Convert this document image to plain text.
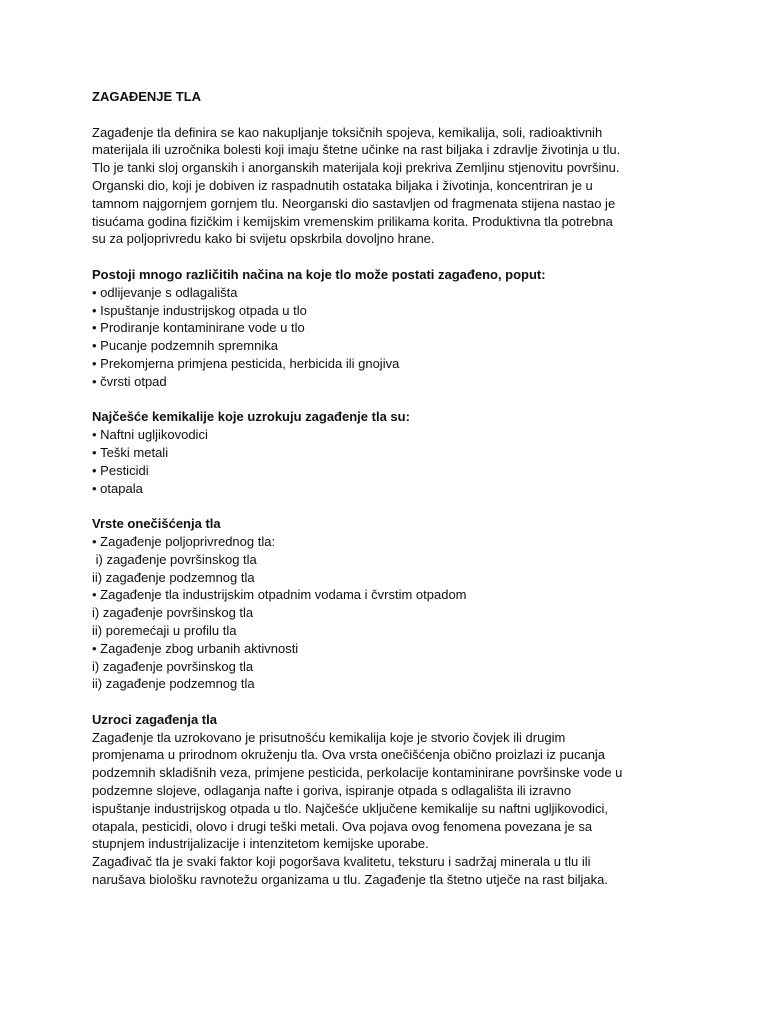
ZAGAĐENJE TLA

Zagađenje tla definira se kao nakupljanje toksičnih spojeva, kemikalija, soli, radioaktivnih

materijala ili uzročnika bolesti koji imaju štetne učinke na rast biljaka i zdravlje životinja u tlu.

Tlo je tanki sloj organskih i anorganskih materijala koji prekriva Zemljinu stjenovitu površinu.

Organski dio, koji je dobiven iz raspadnutih ostataka biljaka i životinja, koncentriran je u

tamnom najgornjem gornjem tlu. Neorganski dio sastavljen od fragmenata stijena nastao je

tisućama godina fizičkim i kemijskim vremenskim prilikama korita. Produktivna tla potrebna

su za poljoprivredu kako bi svijetu opskrbila dovoljno hrane.

Postoji mnogo različitih načina na koje tlo može postati zagađeno, poput:

• odlijevanje s odlagališta

• Ispuštanje industrijskog otpada u tlo

• Prodiranje kontaminirane vode u tlo

• Pucanje podzemnih spremnika

• Prekomjerna primjena pesticida, herbicida ili gnojiva

• čvrsti otpad

Najčešće kemikalije koje uzrokuju zagađenje tla su:

• Naftni ugljikovodici

• Teški metali

• Pesticidi

• otapala

Vrste onečišćenja tla

• Zagađenje poljoprivrednog tla:

i) zagađenje površinskog tla

ii) zagađenje podzemnog tla

• Zagađenje tla industrijskim otpadnim vodama i čvrstim otpadom

i) zagađenje površinskog tla

ii) poremećaji u profilu tla

• Zagađenje zbog urbanih aktivnosti

i) zagađenje površinskog tla

ii) zagađenje podzemnog tla

Uzroci zagađenja tla

Zagađenje tla uzrokovano je prisutnošću kemikalija koje je stvorio čovjek ili drugim

promjenama u prirodnom okruženju tla. Ova vrsta onečišćenja obično proizlazi iz pucanja

podzemnih skladišnih veza, primjene pesticida, perkolacije kontaminirane površinske vode u

podzemne slojeve, odlaganja nafte i goriva, ispiranje otpada s odlagališta ili izravno

ispuštanje industrijskog otpada u tlo. Najčešće uključene kemikalije su naftni ugljikovodici,

otapala, pesticidi, olovo i drugi teški metali. Ova pojava ovog fenomena povezana je sa

stupnjem industrijalizacije i intenzitetom kemijske uporabe.

Zagađivač tla je svaki faktor koji pogoršava kvalitetu, teksturu i sadržaj minerala u tlu ili

narušava biološku ravnotežu organizama u tlu. Zagađenje tla štetno utječe na rast biljaka.
